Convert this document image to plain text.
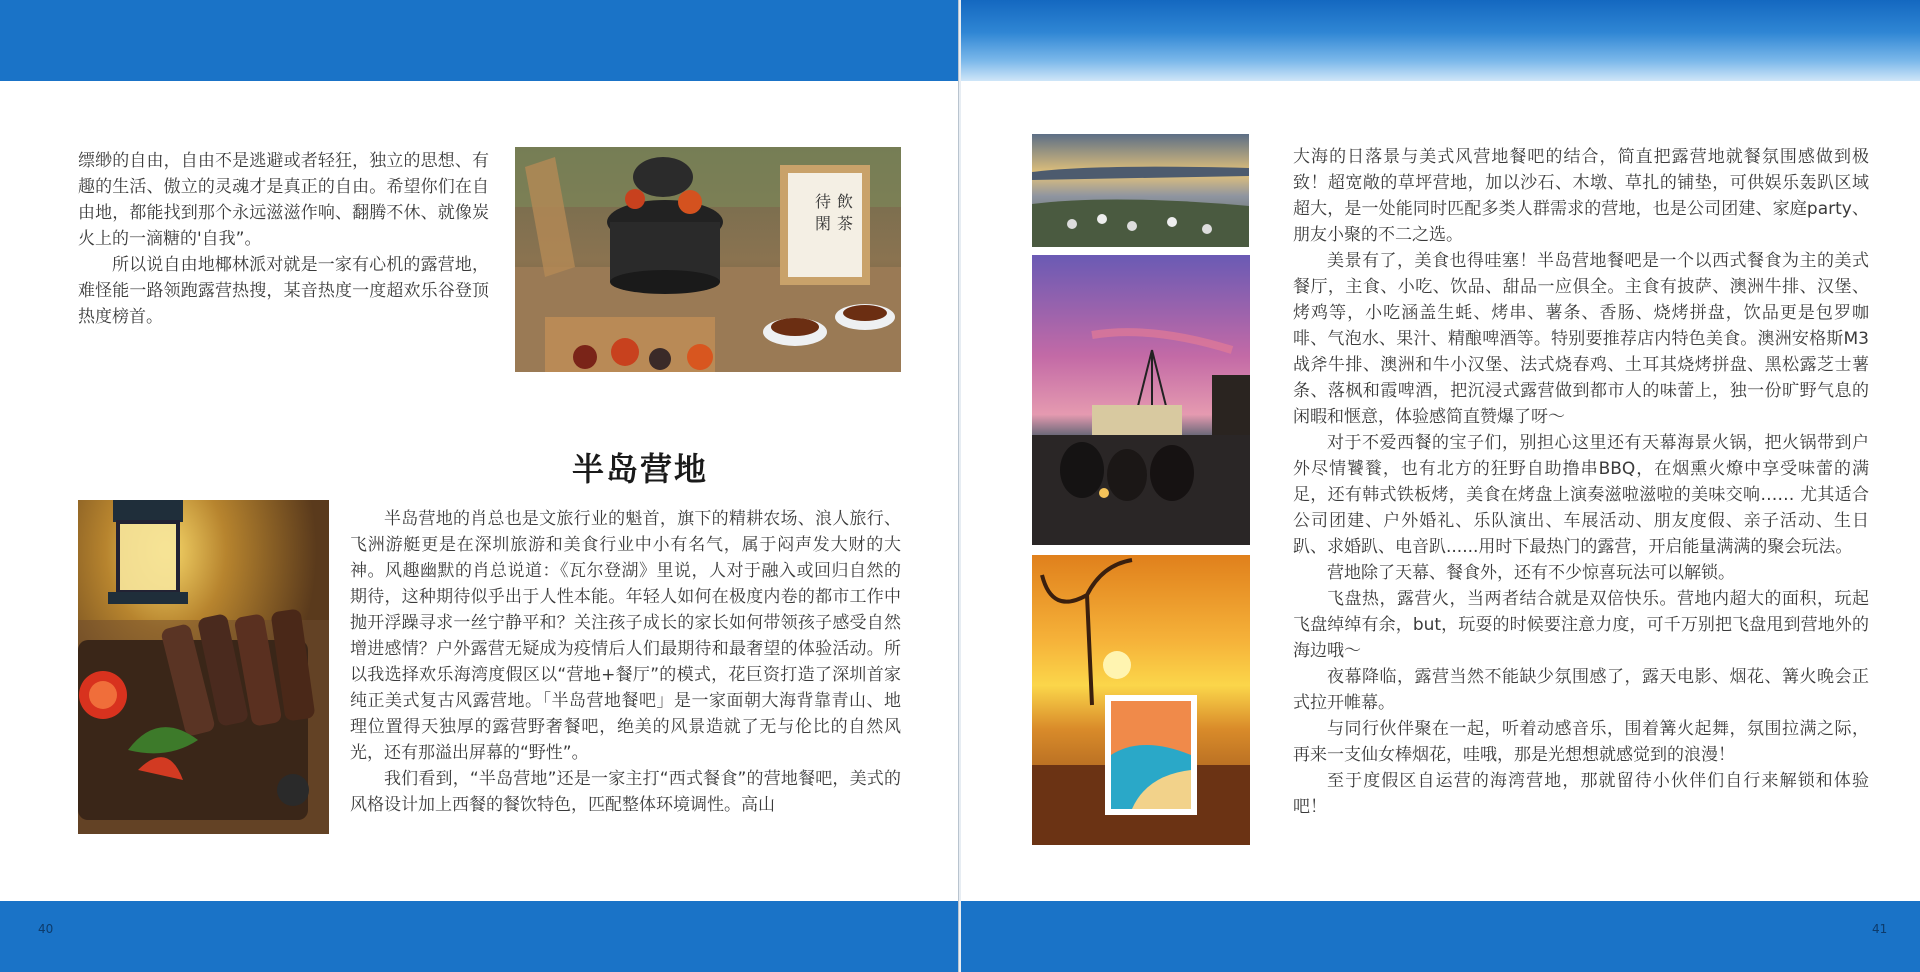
缥缈的自由，自由不是逃避或者轻狂，独立的思想、有趣的生活、傲立的灵魂才是真正的自由。希望你们在自由地，都能找到那个永远滋滋作响、翻腾不休、就像炭火上的一滴糖的'自我”。

所以说自由地椰林派对就是一家有心机的露营地，难怪能一路领跑露营热搜，某音热度一度超欢乐谷登顶热度榜首。

待
閑
飲
茶
半岛营地

半岛营地的肖总也是文旅行业的魁首，旗下的精耕农场、浪人旅行、飞洲游艇更是在深圳旅游和美食行业中小有名气，属于闷声发大财的大神。风趣幽默的肖总说道：《瓦尔登湖》里说，人对于融入或回归自然的期待，这种期待似乎出于人性本能。年轻人如何在极度内卷的都市工作中抛开浮躁寻求一丝宁静平和？关注孩子成长的家长如何带领孩子感受自然增进感情？户外露营无疑成为疫情后人们最期待和最奢望的体验活动。所以我选择欢乐海湾度假区以“营地+餐厅”的模式，花巨资打造了深圳首家纯正美式复古风露营地。「半岛营地餐吧」是一家面朝大海背靠青山、地理位置得天独厚的露营野奢餐吧，绝美的风景造就了无与伦比的自然风光，还有那溢出屏幕的“野性”。

我们看到，“半岛营地”还是一家主打“西式餐食”的营地餐吧，美式的风格设计加上西餐的餐饮特色，匹配整体环境调性。高山

40

大海的日落景与美式风营地餐吧的结合，简直把露营地就餐氛围感做到极致！超宽敞的草坪营地，加以沙石、木墩、草扎的铺垫，可供娱乐轰趴区域超大，是一处能同时匹配多类人群需求的营地，也是公司团建、家庭party、朋友小聚的不二之选。

美景有了，美食也得哇塞！半岛营地餐吧是一个以西式餐食为主的美式餐厅，主食、小吃、饮品、甜品一应俱全。主食有披萨、澳洲牛排、汉堡、烤鸡等，小吃涵盖生蚝、烤串、薯条、香肠、烧烤拼盘，饮品更是包罗咖啡、气泡水、果汁、精酿啤酒等。特别要推荐店内特色美食。澳洲安格斯M3战斧牛排、澳洲和牛小汉堡、法式烧春鸡、土耳其烧烤拼盘、黑松露芝士薯条、落枫和霞啤酒，把沉浸式露营做到都市人的味蕾上，独一份旷野气息的闲暇和惬意，体验感简直赞爆了呀〜

对于不爱西餐的宝子们，别担心这里还有天幕海景火锅，把火锅带到户外尽情饕餮，也有北方的狂野自助撸串BBQ，在烟熏火燎中享受味蕾的满足，还有韩式铁板烤，美食在烤盘上演奏滋啦滋啦的美味交响…… 尤其适合公司团建、户外婚礼、乐队演出、车展活动、朋友度假、亲子活动、生日趴、求婚趴、电音趴......用时下最热门的露营，开启能量满满的聚会玩法。

营地除了天幕、餐食外，还有不少惊喜玩法可以解锁。

飞盘热，露营火，当两者结合就是双倍快乐。营地内超大的面积，玩起飞盘绰绰有余，but，玩耍的时候要注意力度，可千万别把飞盘甩到营地外的海边哦〜

夜幕降临，露营当然不能缺少氛围感了，露天电影、烟花、篝火晚会正式拉开帷幕。

与同行伙伴聚在一起，听着动感音乐，围着篝火起舞，氛围拉满之际，再来一支仙女棒烟花，哇哦，那是光想想就感觉到的浪漫！

至于度假区自运营的海湾营地，那就留待小伙伴们自行来解锁和体验吧！

41
